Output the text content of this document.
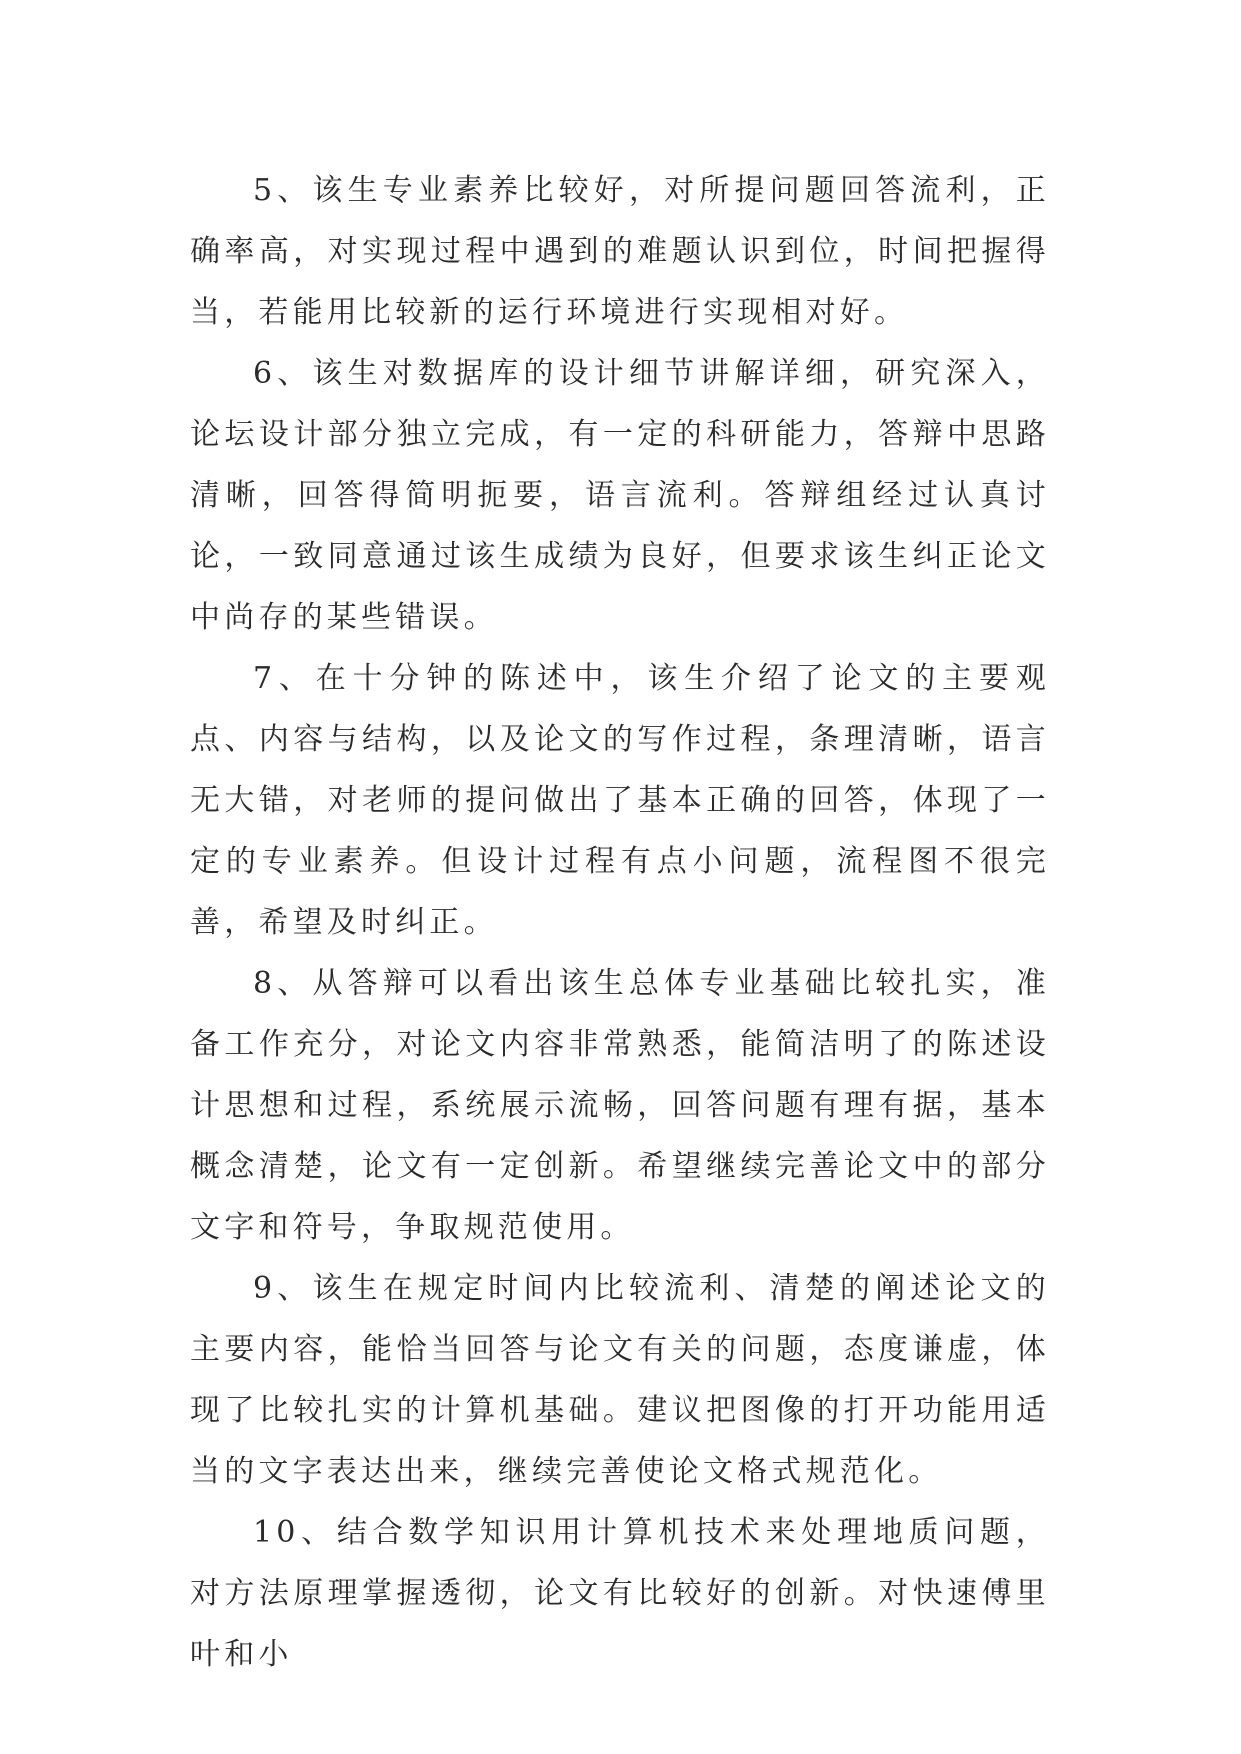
5、该生专业素养比较好，对所提问题回答流利，正确率高，对实现过程中遇到的难题认识到位，时间把握得当，若能用比较新的运行环境进行实现相对好。

6、该生对数据库的设计细节讲解详细，研究深入，论坛设计部分独立完成，有一定的科研能力，答辩中思路清晰，回答得简明扼要，语言流利。答辩组经过认真讨论，一致同意通过该生成绩为良好，但要求该生纠正论文中尚存的某些错误。

7、在十分钟的陈述中，该生介绍了论文的主要观点、内容与结构，以及论文的写作过程，条理清晰，语言无大错，对老师的提问做出了基本正确的回答，体现了一定的专业素养。但设计过程有点小问题，流程图不很完善，希望及时纠正。

8、从答辩可以看出该生总体专业基础比较扎实，准备工作充分，对论文内容非常熟悉，能简洁明了的陈述设计思想和过程，系统展示流畅，回答问题有理有据，基本概念清楚，论文有一定创新。希望继续完善论文中的部分文字和符号，争取规范使用。

9、该生在规定时间内比较流利、清楚的阐述论文的主要内容，能恰当回答与论文有关的问题，态度谦虚，体现了比较扎实的计算机基础。建议把图像的打开功能用适当的文字表达出来，继续完善使论文格式规范化。

10、结合数学知识用计算机技术来处理地质问题，对方法原理掌握透彻，论文有比较好的创新。对快速傅里叶和小
